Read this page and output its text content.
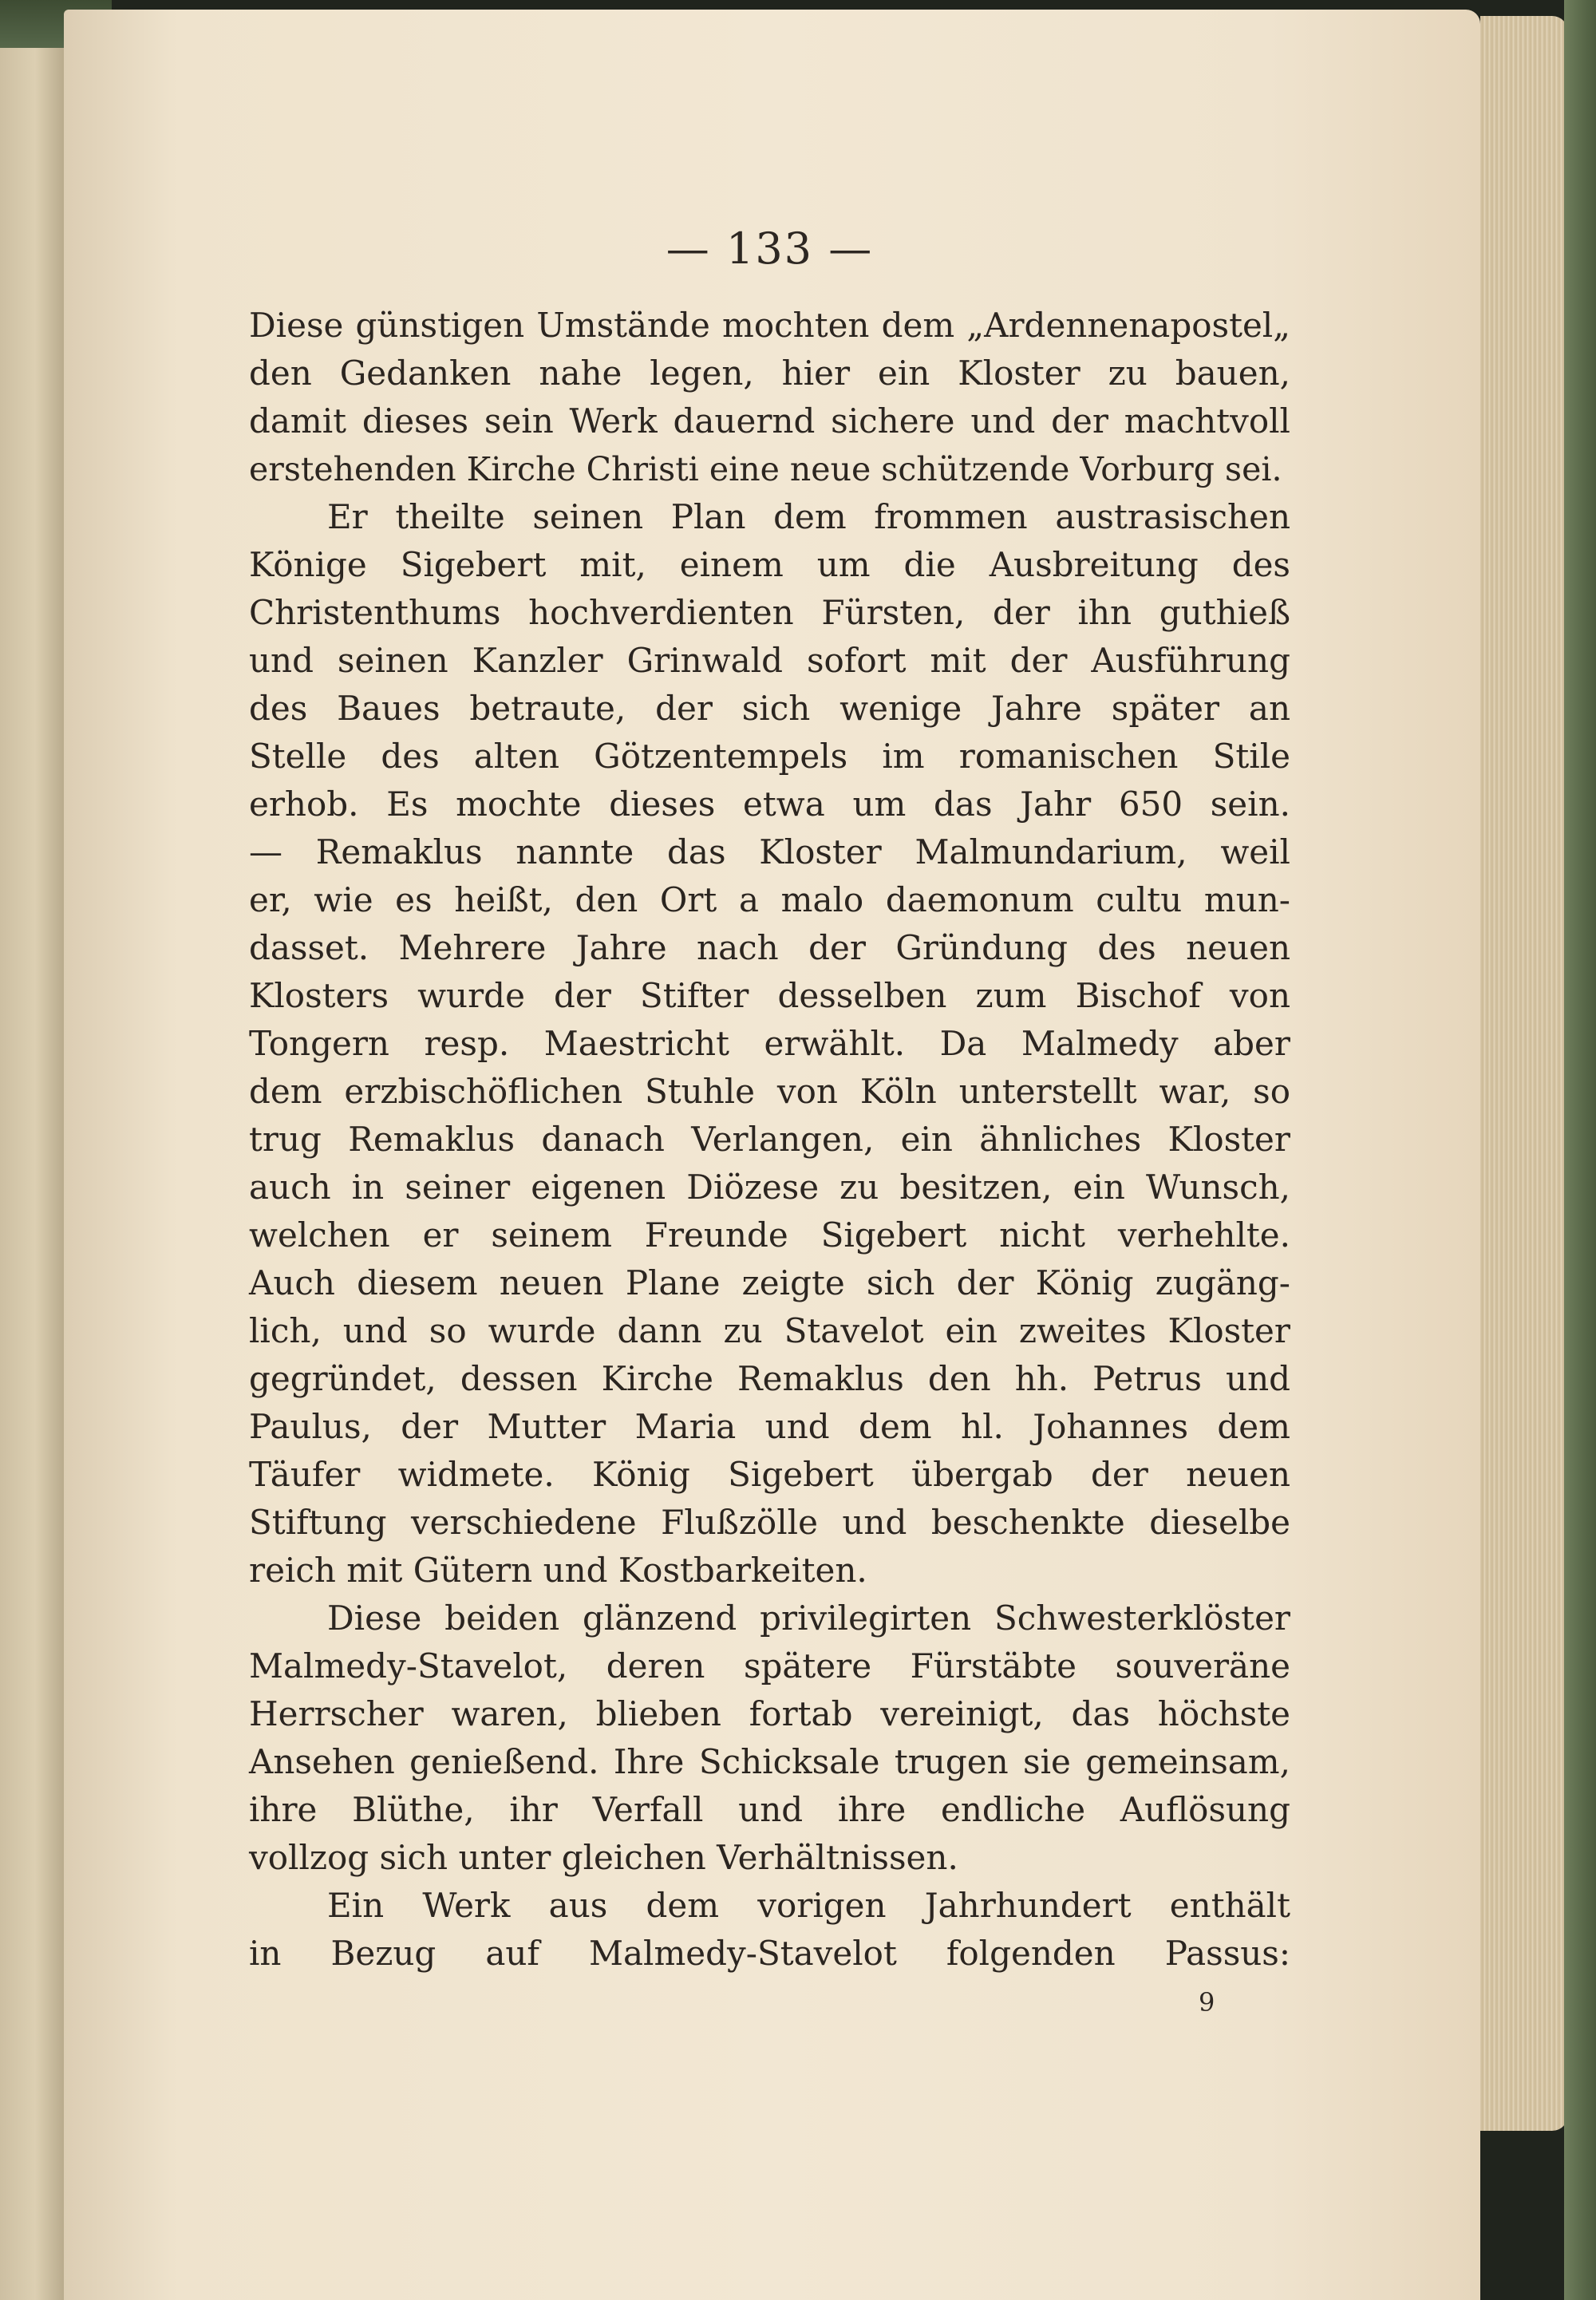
— 133 —
Diese günstigen Umstände mochten dem „Ardennenapostel„
den Gedanken nahe legen, hier ein Kloster zu bauen,
damit dieses sein Werk dauernd sichere und der machtvoll
erstehenden Kirche Christi eine neue schützende Vorburg sei.
Er theilte seinen Plan dem frommen austrasischen
Könige Sigebert mit, einem um die Ausbreitung des
Christenthums hochverdienten Fürsten, der ihn guthieß
und seinen Kanzler Grinwald sofort mit der Ausführung
des Baues betraute, der sich wenige Jahre später an
Stelle des alten Götzentempels im romanischen Stile
erhob. Es mochte dieses etwa um das Jahr 650 sein.
— Remaklus nannte das Kloster Malmundarium, weil
er, wie es heißt, den Ort a malo daemonum cultu mun-
dasset. Mehrere Jahre nach der Gründung des neuen
Klosters wurde der Stifter desselben zum Bischof von
Tongern resp. Maestricht erwählt. Da Malmedy aber
dem erzbischöflichen Stuhle von Köln unterstellt war, so
trug Remaklus danach Verlangen, ein ähnliches Kloster
auch in seiner eigenen Diözese zu besitzen, ein Wunsch,
welchen er seinem Freunde Sigebert nicht verhehlte.
Auch diesem neuen Plane zeigte sich der König zugäng-
lich, und so wurde dann zu Stavelot ein zweites Kloster
gegründet, dessen Kirche Remaklus den hh. Petrus und
Paulus, der Mutter Maria und dem hl. Johannes dem
Täufer widmete. König Sigebert übergab der neuen
Stiftung verschiedene Flußzölle und beschenkte dieselbe
reich mit Gütern und Kostbarkeiten.
Diese beiden glänzend privilegirten Schwesterklöster
Malmedy-Stavelot, deren spätere Fürstäbte souveräne
Herrscher waren, blieben fortab vereinigt, das höchste
Ansehen genießend. Ihre Schicksale trugen sie gemeinsam,
ihre Blüthe, ihr Verfall und ihre endliche Auflösung
vollzog sich unter gleichen Verhältnissen.
Ein Werk aus dem vorigen Jahrhundert enthält
in Bezug auf Malmedy-Stavelot folgenden Passus:
9
